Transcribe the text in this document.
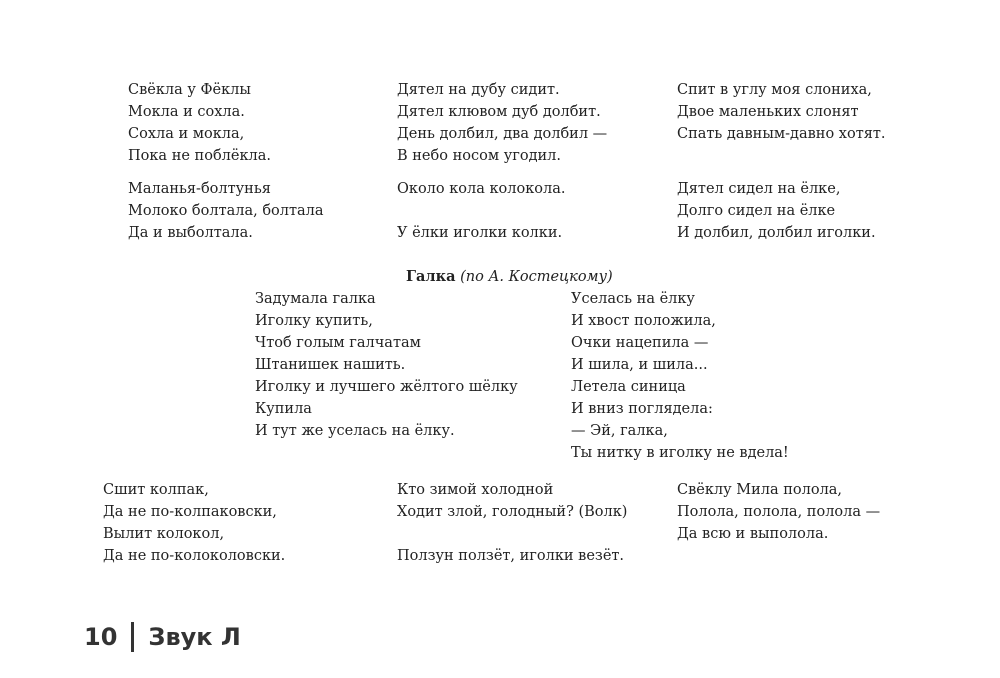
Свёкла у Фёклы
Мокла и сохла.
Сохла и мокла,
Пока не поблёкла.
Дятел на дубу сидит.
Дятел клювом дуб долбит.
День долбил, два долбил —
В небо носом угодил.
Спит в углу моя слониха,
Двое маленьких слонят
Спать давным-давно хотят.
Маланья-болтунья
Молоко болтала, болтала
Да и выболтала.
Около кола колокола.

У ёлки иголки колки.
Дятел сидел на ёлке,
Долго сидел на ёлке
И долбил, долбил иголки.
Галка (по А. Костецкому)
Задумала галка
Иголку купить,
Чтоб голым галчатам
Штанишек нашить.
Иголку и лучшего жёлтого шёлку
Купила
И тут же уселась на ёлку.
Уселась на ёлку
И хвост положила,
Очки нацепила —
И шила, и шила...
Летела синица
И вниз поглядела:
— Эй, галка,
Ты нитку в иголку не вдела!
Сшит колпак,
Да не по-колпаковски,
Вылит колокол,
Да не по-колоколовски.
Кто зимой холодной
Ходит злой, голодный? (Волк)

Ползун ползёт, иголки везёт.
Свёклу Мила полола,
Полола, полола, полола —
Да всю и выполола.
10 Звук Л
